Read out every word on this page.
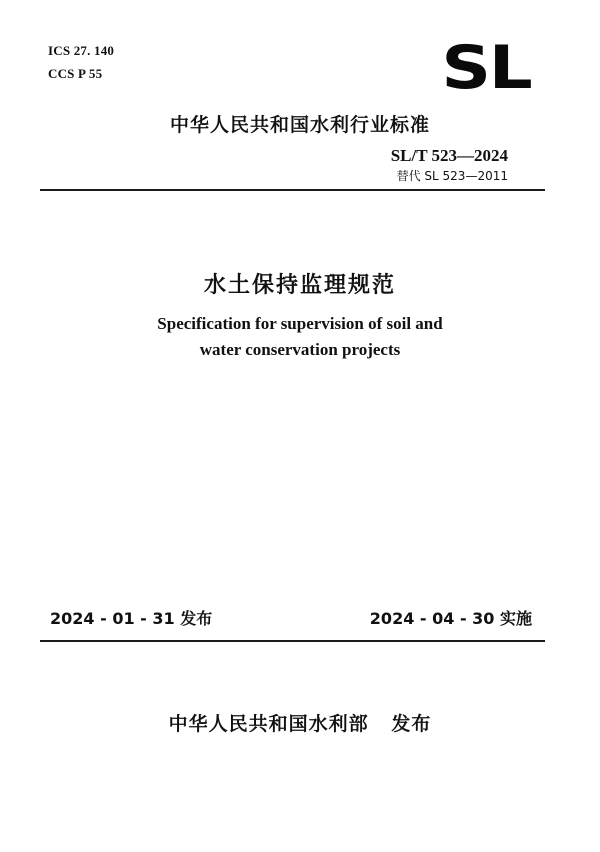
ICS 27. 140
CCS P 55	SL
中华人民共和国水利行业标准
SL/T 523—2024
替代 SL 523—2011
水土保持监理规范
Specification for supervision of soil and
water conservation projects
2024 - 01 - 31 发布	2024 - 04 - 30 实施
中华人民共和国水利部   发布
